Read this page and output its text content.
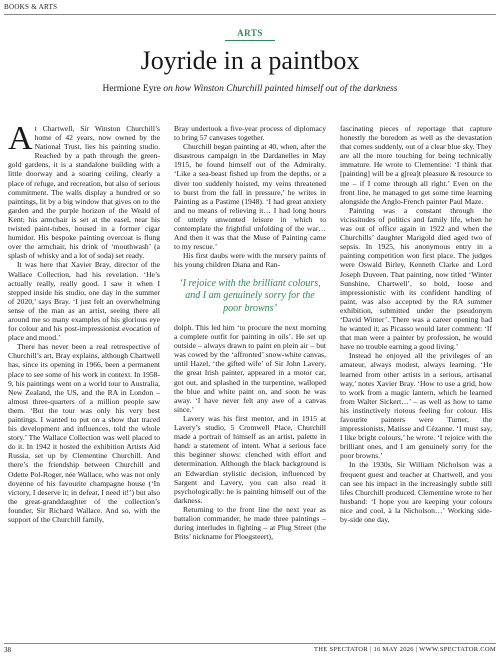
BOOKS & ARTS
ARTS
Joyride in a paintbox
Hermione Eyre on how Winston Churchill painted himself out of the darkness

At Chartwell, Sir Winston Churchill’s home of 42 years, now owned by the National Trust, lies his painting studio. Reached by a path through the green-gold gardens, it is a standalone building with a little doorway and a soaring ceiling, clearly a place of refuge, and recreation, but also of serious commitment. The walls display a hundred or so paintings, lit by a big window that gives on to the garden and the purple horizon of the Weald of Kent; his armchair is set at the easel, near his twisted paint-tubes, housed in a former cigar humidor. His bespoke painting overcoat is flung over the armchair, his drink of ‘mouthwash’ (a splash of whisky and a lot of soda) set ready.

It was here that Xavier Bray, director of the Wallace Collection, had his revelation. ‘He’s actually really, really good. I saw it when I stepped inside his studio, one day in the summer of 2020,’ says Bray. ‘I just felt an overwhelming sense of the man as an artist, seeing there all around me so many examples of his glorious eye for colour and his post-impressionist evocation of place and mood.’

There has never been a real retrospective of Churchill’s art, Bray explains, although Chartwell has, since its opening in 1966, been a permanent place to see some of his work in context. In 1958-9, his paintings went on a world tour to Australia, New Zealand, the US, and the RA in London – almost three-quarters of a million people saw them. ‘But the tour was only his very best paintings. I wanted to put on a show that traced his development and influences, told the whole story.’ The Wallace Collection was well placed to do it. In 1942 it hosted the exhibition Artists Aid Russia, set up by Clementine Churchill. And there’s the friendship between Churchill and Odette Pol-Roger, née Wallace, who was not only doyenne of his favourite champagne house (‘In victory, I deserve it; in defeat, I need it!’) but also the great-granddaughter of the collection’s founder, Sir Richard Wallace. And so, with the support of the Churchill family,

Bray undertook a five-year process of diplomacy to bring 57 canvases together.

Churchill began painting at 40, when, after the disastrous campaign in the Dardanelles in May 1915, he found himself out of the Admiralty. ‘Like a sea-beast fished up from the depths, or a diver too suddenly hoisted, my veins threatened to burst from the fall in pressure,’ he writes in Painting as a Pastime (1948). ‘I had great anxiety and no means of relieving it… I had long hours of utterly unwonted leisure in which to contemplate the frightful unfolding of the war… And then it was that the Muse of Painting came to my rescue.’

His first daubs were with the nursery paints of his young children Diana and Ran-

‘I rejoice with the brilliant colours, and I am genuinely sorry for the poor browns’

dolph. This led him ‘to procure the next morning a complete outfit for painting in oils’. He set up outside – always drawn to paint en plein air – but was cowed by the ‘affronted’ snow-white canvas, until Hazel, ‘the gifted wife’ of Sir John Lavery, the great Irish painter, appeared in a motor car, got out, and splashed in the turpentine, walloped the blue and white paint on, and soon he was away. ‘I have never felt any awe of a canvas since.’

Lavery was his first mentor, and in 1915 at Lavery’s studio, 5 Cromwell Place, Churchill made a portrait of himself as an artist, palette in hand: a statement of intent. What a serious face this beginner shows: clenched with effort and determination. Although the black background is an Edwardian stylistic decision, influenced by Sargent and Lavery, you can also read it psychologically: he is painting himself out of the darkness.

Returning to the front line the next year as battalion commander, he made three paintings – during interludes in fighting – at Plug Street (the Brits’ nickname for Ploegsteert),

fascinating pieces of reportage that capture honestly the boredom as well as the devastation that comes suddenly, out of a clear blue sky. They are all the more touching for being technically immature. He wrote to Clementine: ‘I think that [painting] will be a g[rea]t pleasure & resource to me – if I come through all right.’ Even on the front line, he managed to get some time learning alongside the Anglo-French painter Paul Maze.

Painting was a constant through the vicissitudes of politics and family life, when he was out of office again in 1922 and when the Churchills’ daughter Marigold died aged two of sepsis. In 1925, his anonymous entry in a painting competition won first place. The judges were Oswald Birley, Kenneth Clarke and Lord Joseph Duveen. That painting, now titled ‘Winter Sunshine, Chartwell’, so bold, loose and impressionistic with its confident handling of paint, was also accepted by the RA summer exhibition, submitted under the pseudonym ‘David Winter’. There was a career opening had he wanted it; as Picasso would later comment: ‘If that man were a painter by profession, he would have no trouble earning a good living.’

Instead he enjoyed all the privileges of an amateur, always modest, always learning. ‘He learned from other artists in a serious, artisanal way,’ notes Xavier Bray. ‘How to use a grid, how to work from a magic lantern, which he learned from Walter Sickert…’ – as well as how to tame his instinctively riotous feeling for colour. His favourite painters were Turner, the impressionists, Matisse and Cézanne. ‘I must say, I like bright colours,’ he wrote. ‘I rejoice with the brilliant ones, and I am genuinely sorry for the poor browns.’

In the 1930s, Sir William Nicholson was a frequent guest and teacher at Chartwell, and you can see his impact in the increasingly subtle still lifes Churchill produced. Clementine wrote to her husband: ‘I hope you are keeping your colours nice and cool, à la Nicholson…’ Working side-by-side one day,

38	THE SPECTATOR | 16 MAY 2026 | WWW.SPECTATOR.COM
